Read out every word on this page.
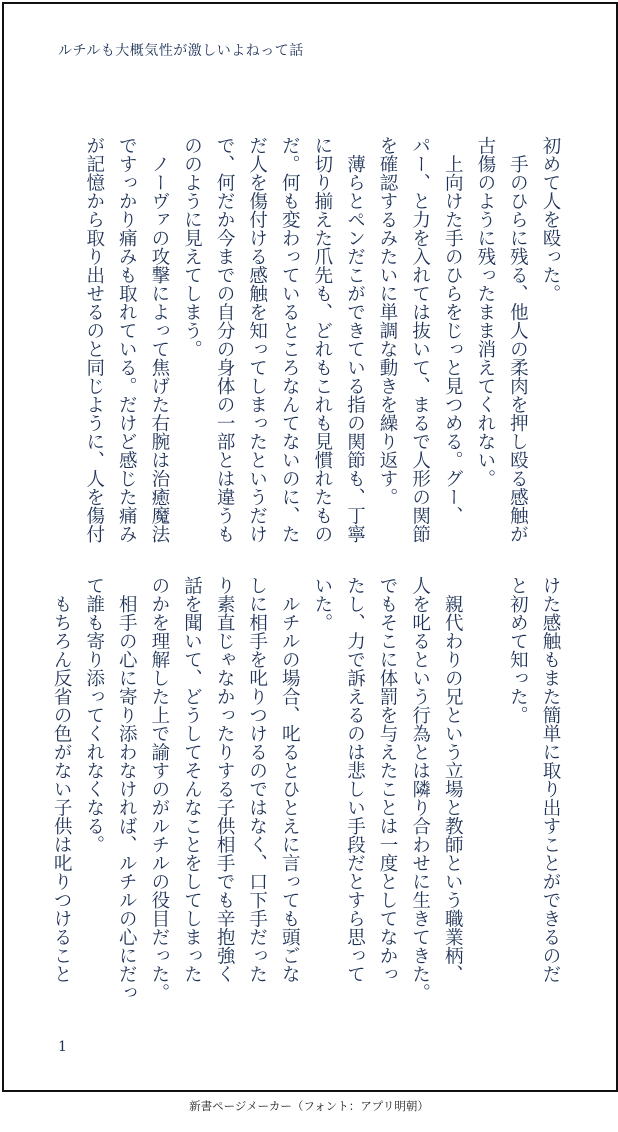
ルチルも大概気性が激しいよねって話

初めて人を殴った。

　手のひらに残る、他人の柔肉を押し殴る感触が

古傷のように残ったまま消えてくれない。

　上向けた手のひらをじっと見つめる。グー、

パー、と力を入れては抜いて、まるで人形の関節

を確認するみたいに単調な動きを繰り返す。

　薄らとペンだこができている指の関節も、丁寧

に切り揃えた爪先も、どれもこれも見慣れたもの

だ。何も変わっているところなんてないのに、た

だ人を傷付ける感触を知ってしまったというだけ

で、何だか今までの自分の身体の一部とは違うも

ののように見えてしまう。

　ノーヴァの攻撃によって焦げた右腕は治癒魔法

ですっかり痛みも取れている。だけど感じた痛み

が記憶から取り出せるのと同じように、人を傷付

けた感触もまた簡単に取り出すことができるのだ

と初めて知った。

　親代わりの兄という立場と教師という職業柄、

人を叱るという行為とは隣り合わせに生きてきた。

でもそこに体罰を与えたことは一度としてなかっ

たし、力で訴えるのは悲しい手段だとすら思って

いた。

　ルチルの場合、叱るとひとえに言っても頭ごな

しに相手を叱りつけるのではなく、口下手だった

り素直じゃなかったりする子供相手でも辛抱強く

話を聞いて、どうしてそんなことをしてしまった

のかを理解した上で諭すのがルチルの役目だった。

　相手の心に寄り添わなければ、ルチルの心にだっ

て誰も寄り添ってくれなくなる。

　もちろん反省の色がない子供は叱りつけること

1
新書ページメーカー（フォント：アプリ明朝）
